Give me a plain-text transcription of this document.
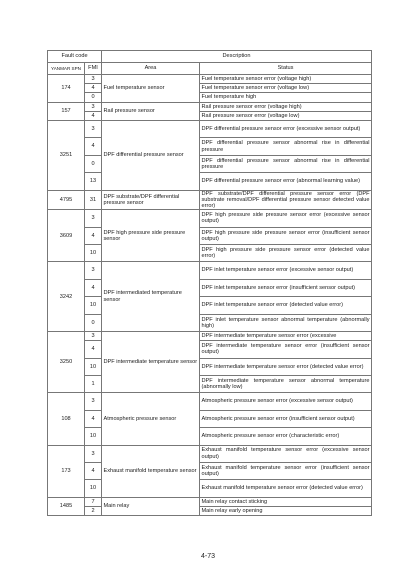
Fault code		Description	
YANMAR SPN	FMI	Area	Status
174	3	Fuel temperature sensor	Fuel temperature sensor error (voltage high)
	4		Fuel temperature sensor error (voltage low)
	0		Fuel temperature high
157	3	Rail pressure sensor	Rail pressure sensor error (voltage high)
	4		Rail pressure sensor error (voltage low)
3251	3	DPF differential pressure sensor	DPF differential pressure sensor error (excessive sensor output)
	4		DPF differential pressure sensor abnormal rise in differential pressure
	0		DPF differential pressure sensor abnormal rise in differential pressure
	13		DPF differential pressure sensor error (abnormal learning value)
4795	31	DPF substrate/DPF differential pressure sensor	DPF substrate/DPF differential pressure sensor error (DPF substrate removal/DPF differential pressure sensor detected value error)
3609	3	DPF high pressure side pressure sensor	DPF high pressure side pressure sensor error (excessive sensor output)
	4		DPF high pressure side pressure sensor error (insufficient sensor output)
	10		DPF high pressure side pressure sensor error (detected value error)
3242	3	DPF intermediated temperature sensor	DPF inlet temperature sensor error (excessive sensor output)
	4		DPF inlet temperature sensor error (insufficient sensor output)
	10		DPF inlet temperature sensor error (detected value error)
	0		DPF inlet temperature sensor abnormal temperature (abnormally high)
3250	3	DPF intermediate temperature sensor	DPF intermediate temperature sensor error (excessive
	4		DPF intermediate temperature sensor error (insufficient sensor output)
	10		DPF intermediate temperature sensor error (detected value error)
	1		DPF intermediate temperature sensor abnormal temperature (abnormally low)
108	3	Atmospheric pressure sensor	Atmospheric pressure sensor error (excessive sensor output)
	4		Atmospheric pressure sensor error (insufficient sensor output)
	10		Atmospheric pressure sensor error (characteristic error)
173	3	Exhaust manifold temperature sensor	Exhaust manifold temperature sensor error (excessive sensor output)
	4		Exhaust manifold temperature sensor error (insufficient sensor output)
	10		Exhaust manifold temperature sensor error (detected value error)
1485	7	Main relay	Main relay contact sticking
	2		Main relay early opening
4-73
